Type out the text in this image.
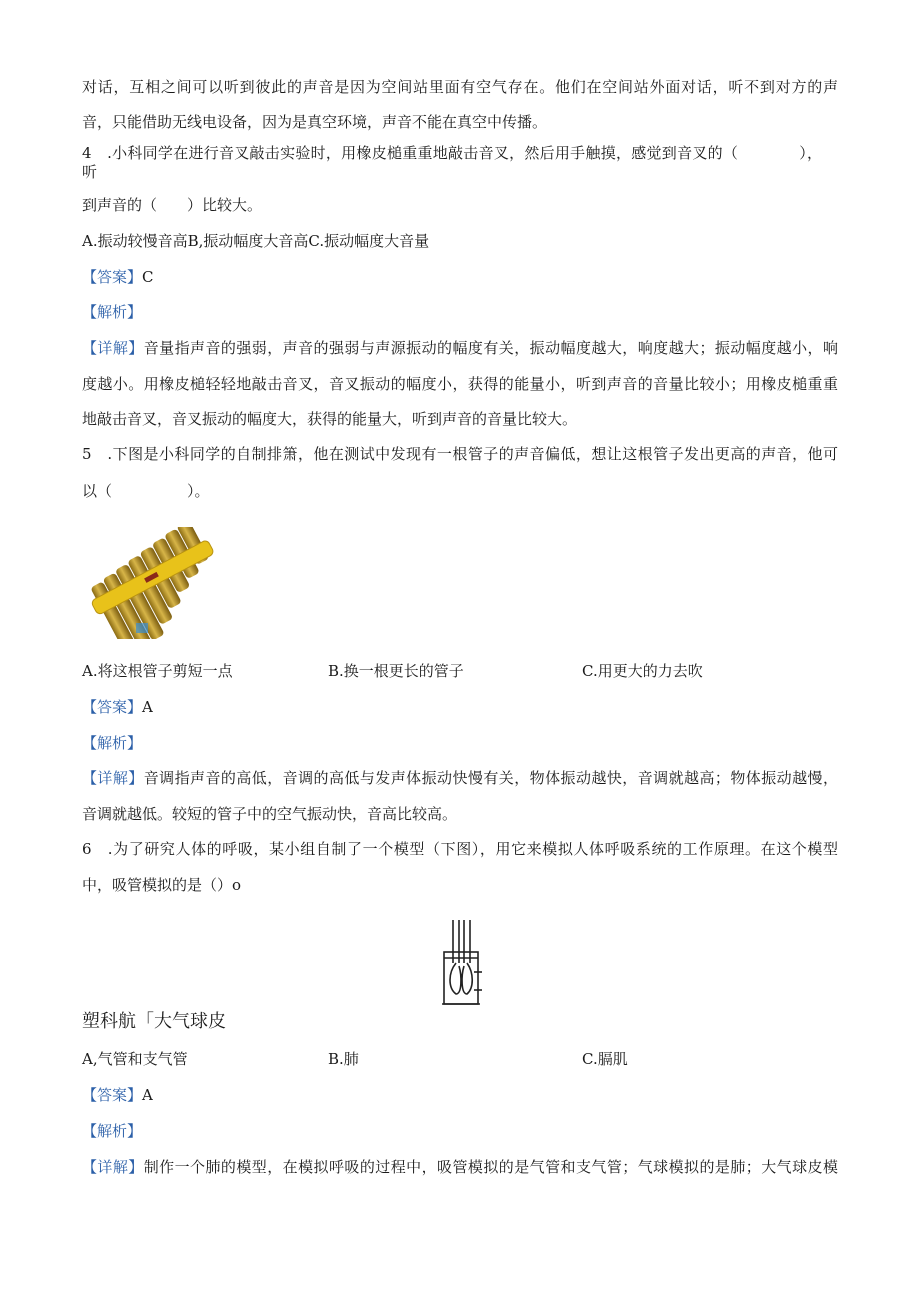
对话，互相之间可以听到彼此的声音是因为空间站里面有空气存在。他们在空间站外面对话，听不到对方的声
音，只能借助无线电设备，因为是真空环境，声音不能在真空中传播。
4　.小科同学在进行音叉敲击实验时，用橡皮槌重重地敲击音叉，然后用手触摸，感觉到音叉的（　　　　），
听
到声音的（　　）比较大。
A.振动较慢音高B,振动幅度大音高C.振动幅度大音量
【答案】C
【解析】
【详解】音量指声音的强弱，声音的强弱与声源振动的幅度有关，振动幅度越大，响度越大；振动幅度越小，响
度越小。用橡皮槌轻轻地敲击音叉，音叉振动的幅度小，获得的能量小，听到声音的音量比较小；用橡皮槌重重
地敲击音叉，音叉振动的幅度大，获得的能量大，听到声音的音量比较大。
5　.下图是小科同学的自制排箫，他在测试中发现有一根管子的声音偏低，想让这根管子发出更高的声音，他可
以（　　　　　）。
A.将这根管子剪短一点	B.换一根更长的管子	C.用更大的力去吹
【答案】A
【解析】
【详解】音调指声音的高低，音调的高低与发声体振动快慢有关，物体振动越快，音调就越高；物体振动越慢，
音调就越低。较短的管子中的空气振动快，音高比较高。
6　.为了研究人体的呼吸，某小组自制了一个模型（下图），用它来模拟人体呼吸系统的工作原理。在这个模型
中，吸管模拟的是（）o
塑科航「大气球皮
A,气管和支气管	B.肺	C.膈肌
【答案】A
【解析】
【详解】制作一个肺的模型，在模拟呼吸的过程中，吸管模拟的是气管和支气管；气球模拟的是肺；大气球皮模
